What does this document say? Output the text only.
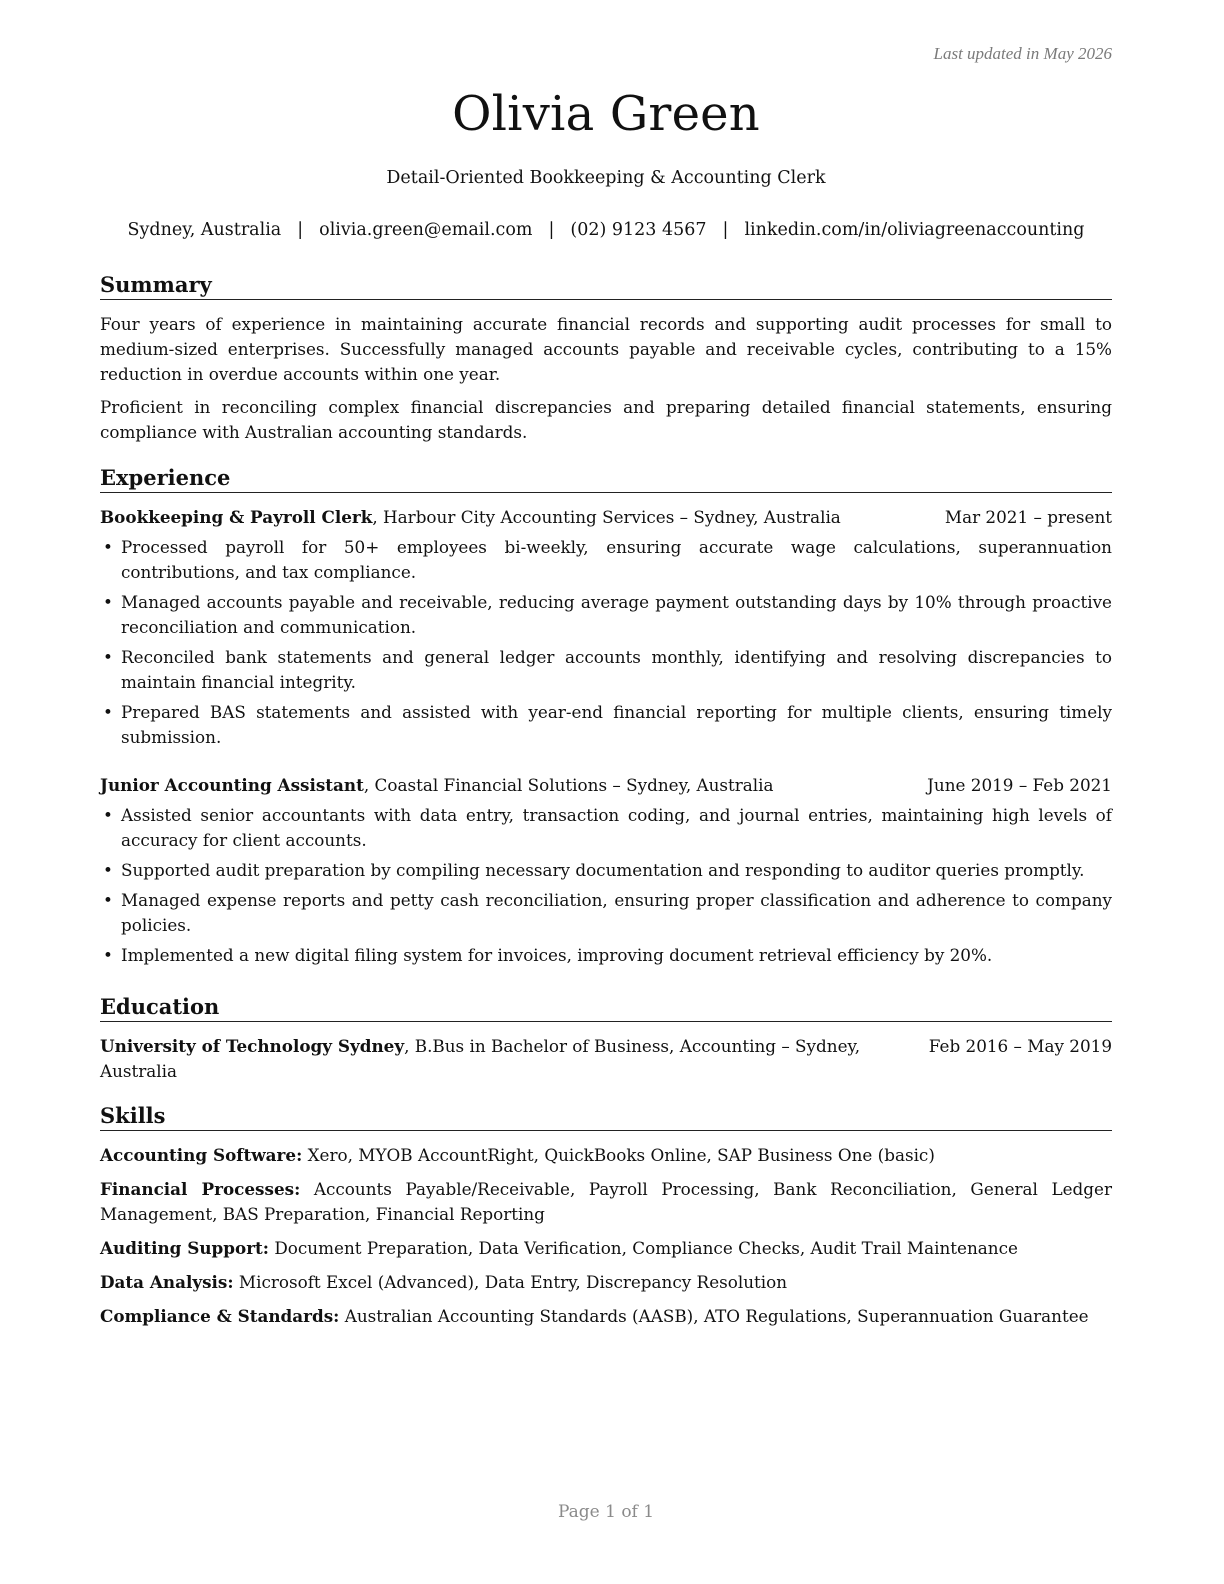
Last updated in May 2026
Olivia Green
Detail-Oriented Bookkeeping & Accounting Clerk
Sydney, Australia | olivia.green@email.com | (02) 9123 4567 | linkedin.com/in/oliviagreenaccounting
Summary

Four years of experience in maintaining accurate financial records and supporting audit processes for small to medium-sized enterprises. Successfully managed accounts payable and receivable cycles, contributing to a 15% reduction in overdue accounts within one year.

Proficient in reconciling complex financial discrepancies and preparing detailed financial statements, ensuring compliance with Australian accounting standards.

Experience
Bookkeeping & Payroll Clerk, Harbour City Accounting Services – Sydney, Australia	Mar 2021 – present
• Processed payroll for 50+ employees bi-weekly, ensuring accurate wage calculations, superannuation contributions, and tax compliance.
• Managed accounts payable and receivable, reducing average payment outstanding days by 10% through proactive reconciliation and communication.
• Reconciled bank statements and general ledger accounts monthly, identifying and resolving discrepancies to maintain financial integrity.
• Prepared BAS statements and assisted with year-end financial reporting for multiple clients, ensuring timely submission.
Junior Accounting Assistant, Coastal Financial Solutions – Sydney, Australia	June 2019 – Feb 2021
• Assisted senior accountants with data entry, transaction coding, and journal entries, maintaining high levels of accuracy for client accounts.
• Supported audit preparation by compiling necessary documentation and responding to auditor queries promptly.
• Managed expense reports and petty cash reconciliation, ensuring proper classification and adherence to company policies.
• Implemented a new digital filing system for invoices, improving document retrieval efficiency by 20%.
Education
University of Technology Sydney, B.Bus in Bachelor of Business, Accounting – Sydney, Australia
Feb 2016 – May 2019
Skills
Accounting Software: Xero, MYOB AccountRight, QuickBooks Online, SAP Business One (basic)
Financial Processes: Accounts Payable/Receivable, Payroll Processing, Bank Reconciliation, General Ledger Management, BAS Preparation, Financial Reporting
Auditing Support: Document Preparation, Data Verification, Compliance Checks, Audit Trail Maintenance
Data Analysis: Microsoft Excel (Advanced), Data Entry, Discrepancy Resolution
Compliance & Standards: Australian Accounting Standards (AASB), ATO Regulations, Superannuation Guarantee
Page 1 of 1
